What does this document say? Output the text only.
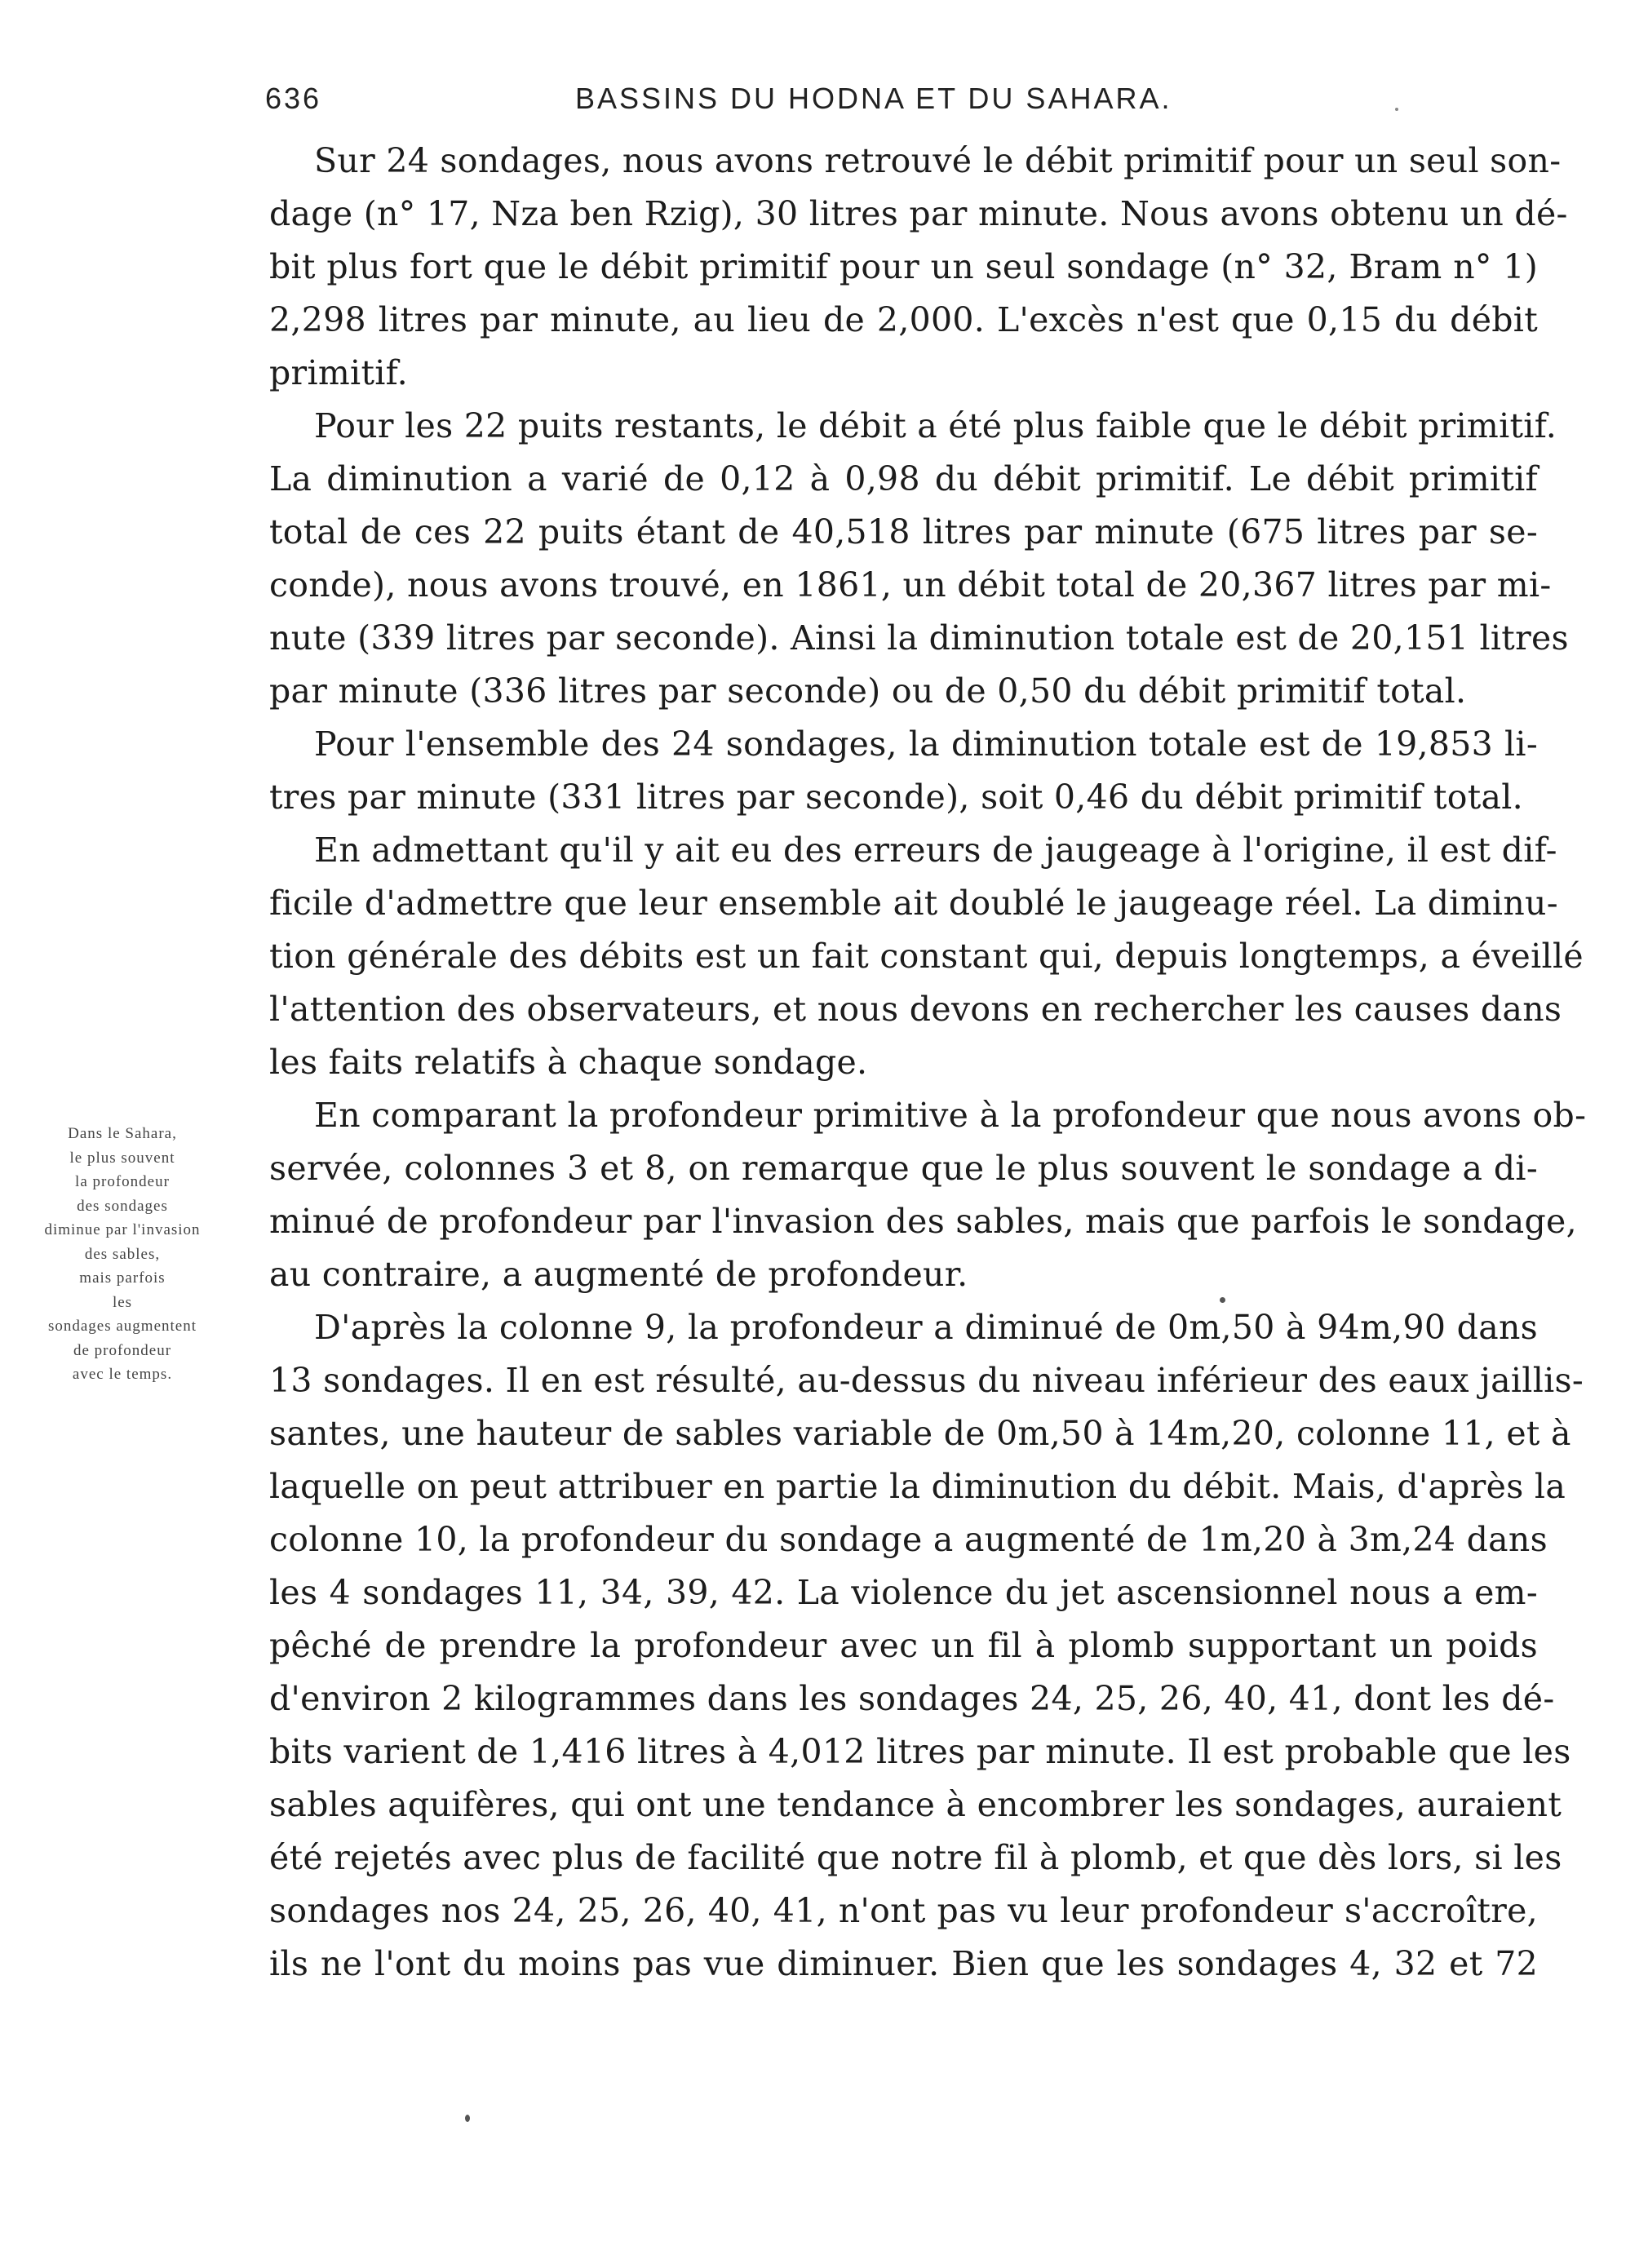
636	BASSINS DU HODNA ET DU SAHARA.
Dans le Sahara,
le plus souvent
la profondeur
des sondages
diminue par l'invasion
des sables,
mais parfois
les
sondages augmentent
de profondeur
avec le temps.
Sur 24 sondages, nous avons retrouvé le débit primitif pour un seul son-
dage (n° 17, Nza ben Rzig), 30 litres par minute. Nous avons obtenu un dé-
bit plus fort que le débit primitif pour un seul sondage (n° 32, Bram n° 1)
2,298 litres par minute, au lieu de 2,000. L'excès n'est que 0,15 du débit
primitif.
Pour les 22 puits restants, le débit a été plus faible que le débit primitif.
La diminution a varié de 0,12 à 0,98 du débit primitif. Le débit primitif
total de ces 22 puits étant de 40,518 litres par minute (675 litres par se-
conde), nous avons trouvé, en 1861, un débit total de 20,367 litres par mi-
nute (339 litres par seconde). Ainsi la diminution totale est de 20,151 litres
par minute (336 litres par seconde) ou de 0,50 du débit primitif total.
Pour l'ensemble des 24 sondages, la diminution totale est de 19,853 li-
tres par minute (331 litres par seconde), soit 0,46 du débit primitif total.
En admettant qu'il y ait eu des erreurs de jaugeage à l'origine, il est dif-
ficile d'admettre que leur ensemble ait doublé le jaugeage réel. La diminu-
tion générale des débits est un fait constant qui, depuis longtemps, a éveillé
l'attention des observateurs, et nous devons en rechercher les causes dans
les faits relatifs à chaque sondage.
En comparant la profondeur primitive à la profondeur que nous avons ob-
servée, colonnes 3 et 8, on remarque que le plus souvent le sondage a di-
minué de profondeur par l'invasion des sables, mais que parfois le sondage,
au contraire, a augmenté de profondeur.
D'après la colonne 9, la profondeur a diminué de 0m,50 à 94m,90 dans
13 sondages. Il en est résulté, au-dessus du niveau inférieur des eaux jaillis-
santes, une hauteur de sables variable de 0m,50 à 14m,20, colonne 11, et à
laquelle on peut attribuer en partie la diminution du débit. Mais, d'après la
colonne 10, la profondeur du sondage a augmenté de 1m,20 à 3m,24 dans
les 4 sondages 11, 34, 39, 42. La violence du jet ascensionnel nous a em-
pêché de prendre la profondeur avec un fil à plomb supportant un poids
d'environ 2 kilogrammes dans les sondages 24, 25, 26, 40, 41, dont les dé-
bits varient de 1,416 litres à 4,012 litres par minute. Il est probable que les
sables aquifères, qui ont une tendance à encombrer les sondages, auraient
été rejetés avec plus de facilité que notre fil à plomb, et que dès lors, si les
sondages nos 24, 25, 26, 40, 41, n'ont pas vu leur profondeur s'accroître,
ils ne l'ont du moins pas vue diminuer. Bien que les sondages 4, 32 et 72
